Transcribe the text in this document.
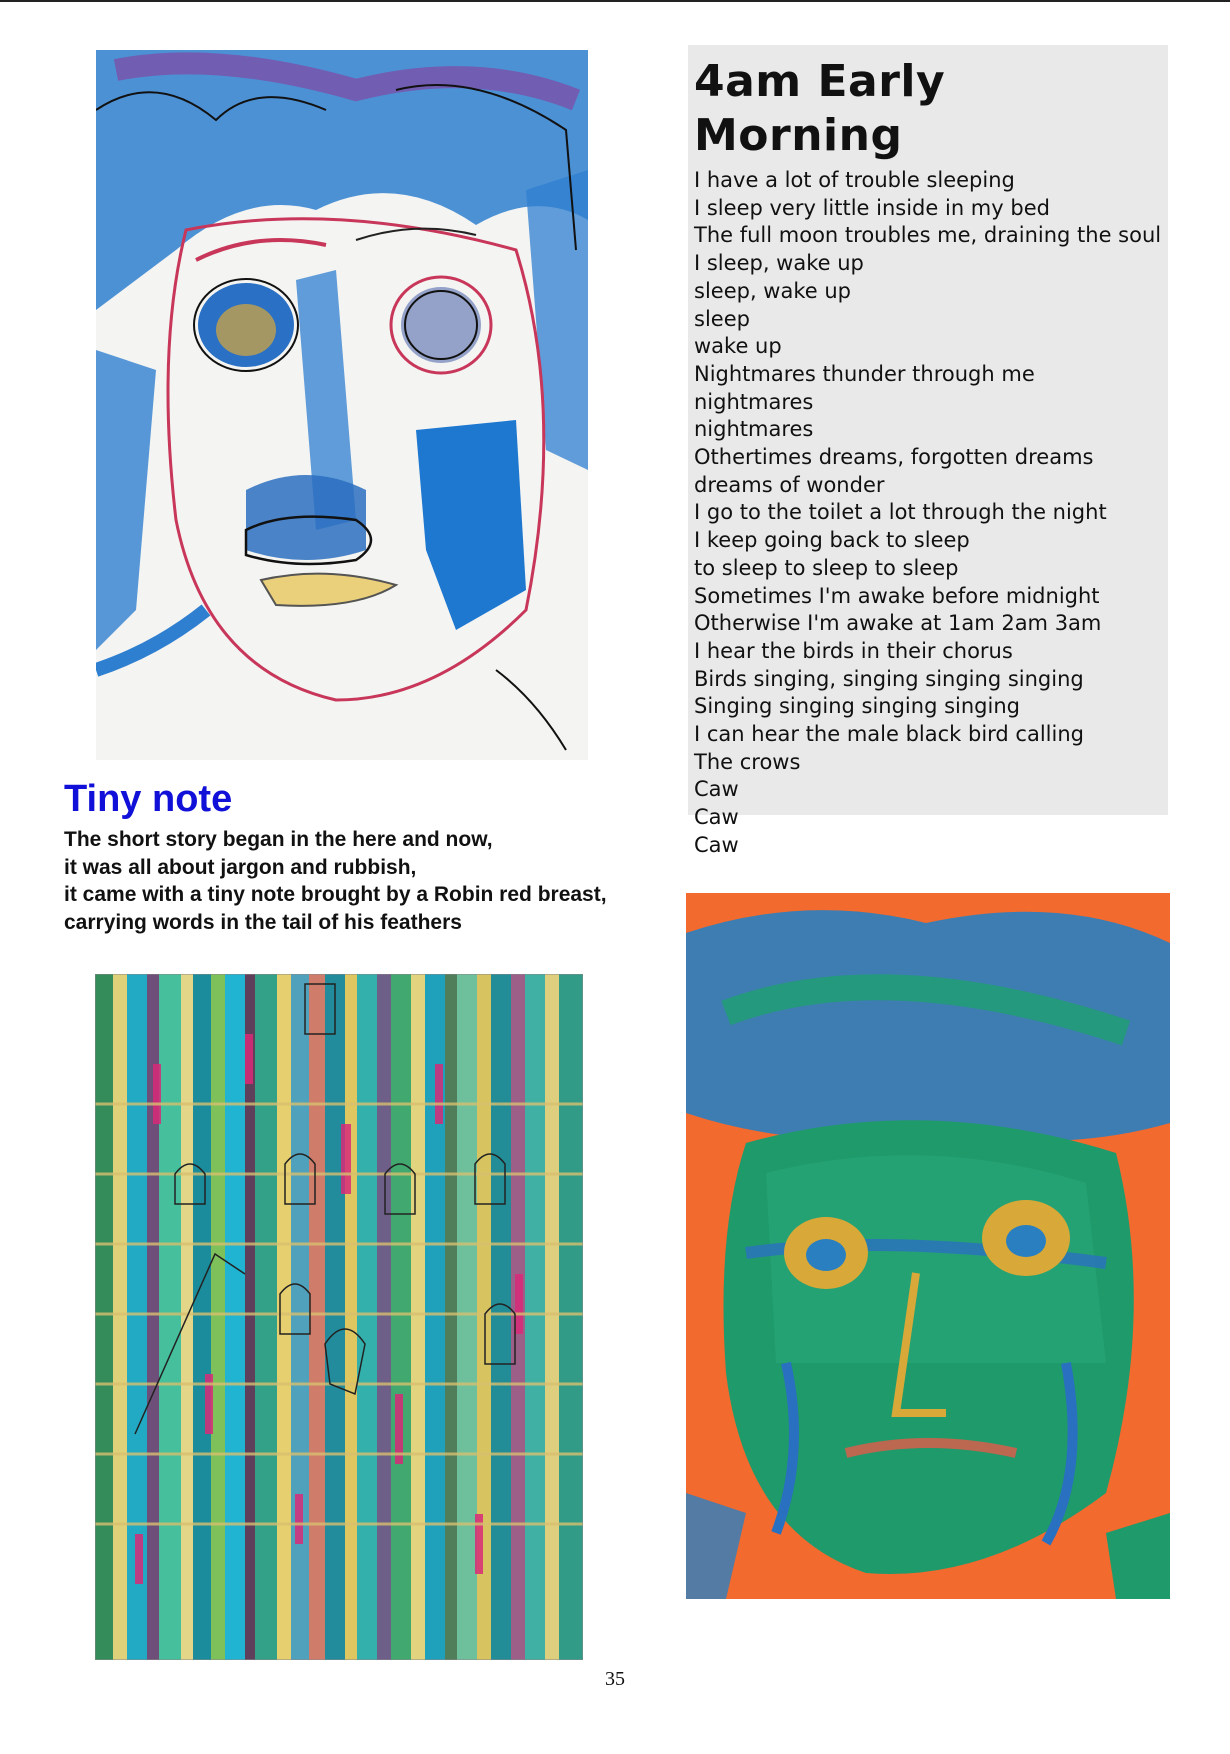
4am Early Morning
I have a lot of trouble sleeping
I sleep very little inside in my bed
The full moon troubles me, draining the soul
I sleep, wake up
sleep, wake up
sleep
wake up
Nightmares thunder through me
nightmares
nightmares
Othertimes dreams, forgotten dreams
dreams of wonder
I go to the toilet a lot through the night
I keep going back to sleep
to sleep to sleep to sleep
Sometimes I'm awake before midnight
Otherwise I'm awake at 1am 2am 3am
I hear the birds in their chorus
Birds singing, singing singing singing
Singing singing singing singing
I can hear the male black bird calling
The crows
Caw
Caw
Caw
Tiny note
The short story began in the here and now,
it was all about jargon and rubbish,
it came with a tiny note brought by a Robin red breast,
carrying words in the tail of his feathers
35
